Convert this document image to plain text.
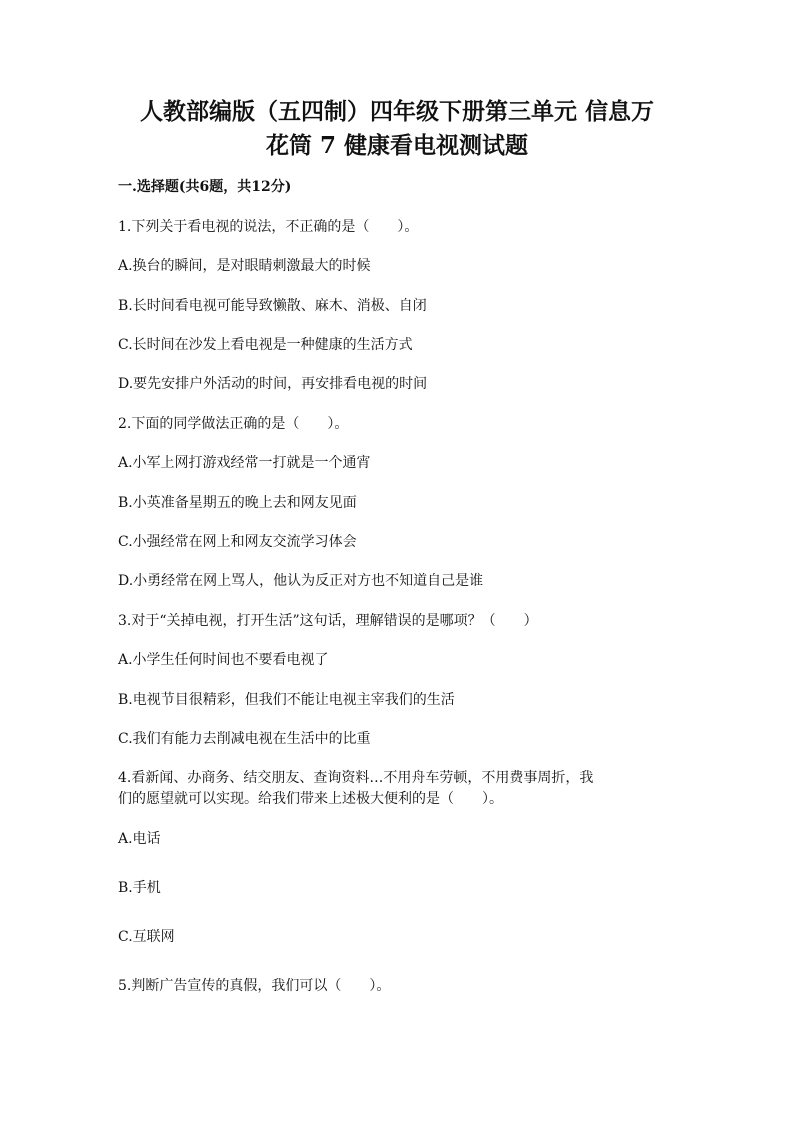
人教部编版（五四制）四年级下册第三单元 信息万
花筒 7 健康看电视测试题
一.选择题(共6题，共12分)
1.下列关于看电视的说法，不正确的是（　　）。
A.换台的瞬间，是对眼睛刺激最大的时候
B.长时间看电视可能导致懒散、麻木、消极、自闭
C.长时间在沙发上看电视是一种健康的生活方式
D.要先安排户外活动的时间，再安排看电视的时间
2.下面的同学做法正确的是（　　）。
A.小军上网打游戏经常一打就是一个通宵
B.小英准备星期五的晚上去和网友见面
C.小强经常在网上和网友交流学习体会
D.小勇经常在网上骂人，他认为反正对方也不知道自己是谁
3.对于“关掉电视，打开生活”这句话，理解错误的是哪项？（　　）
A.小学生任何时间也不要看电视了
B.电视节目很精彩，但我们不能让电视主宰我们的生活
C.我们有能力去削减电视在生活中的比重
4.看新闻、办商务、结交朋友、查询资料…不用舟车劳顿，不用费事周折，我
们的愿望就可以实现。给我们带来上述极大便利的是（　　）。
A.电话
B.手机
C.互联网
5.判断广告宣传的真假，我们可以（　　）。
